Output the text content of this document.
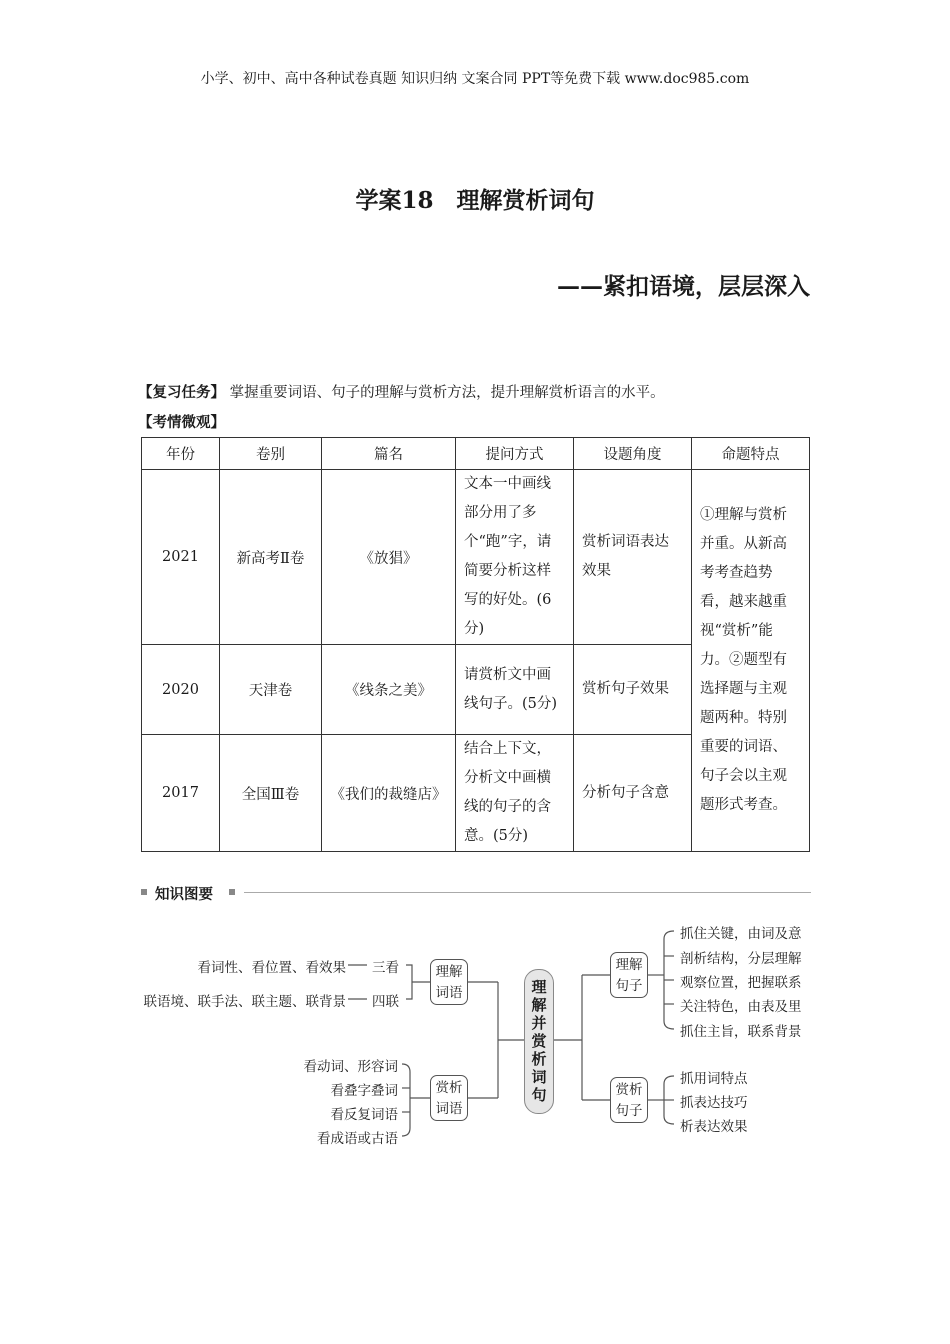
小学、初中、高中各种试卷真题 知识归纳 文案合同 PPT等免费下载 www.doc985.com
学案18　理解赏析词句
——紧扣语境，层层深入
【复习任务】 掌握重要词语、句子的理解与赏析方法，提升理解赏析语言的水平。
【考情微观】
年份	卷别	篇名	提问方式	设题角度	命题特点
2021	新高考Ⅱ卷	《放猖》	文本一中画线部分用了多个“跑”字，请简要分析这样写的好处。(6分)	赏析词语表达效果	①理解与赏析并重。从新高考考查趋势看，越来越重视“赏析”能力。②题型有选择题与主观题两种。特别重要的词语、句子会以主观题形式考查。
2020	天津卷	《线条之美》	请赏析文中画线句子。(5分)	赏析句子效果	
2017	全国Ⅲ卷	《我们的裁缝店》	结合上下文，分析文中画横线的句子的含意。(5分)	分析句子含意	
知识图要
理
解
并
赏
析
词
句
理解
词语
看词性、看位置、看效果 三看
联语境、联手法、联主题、联背景 四联
赏析
词语
看动词、形容词
看叠字叠词
看反复词语
看成语或古语
理解
句子
抓住关键，由词及意
剖析结构，分层理解
观察位置，把握联系
关注特色，由表及里
抓住主旨，联系背景
赏析
句子
抓用词特点
抓表达技巧
析表达效果
